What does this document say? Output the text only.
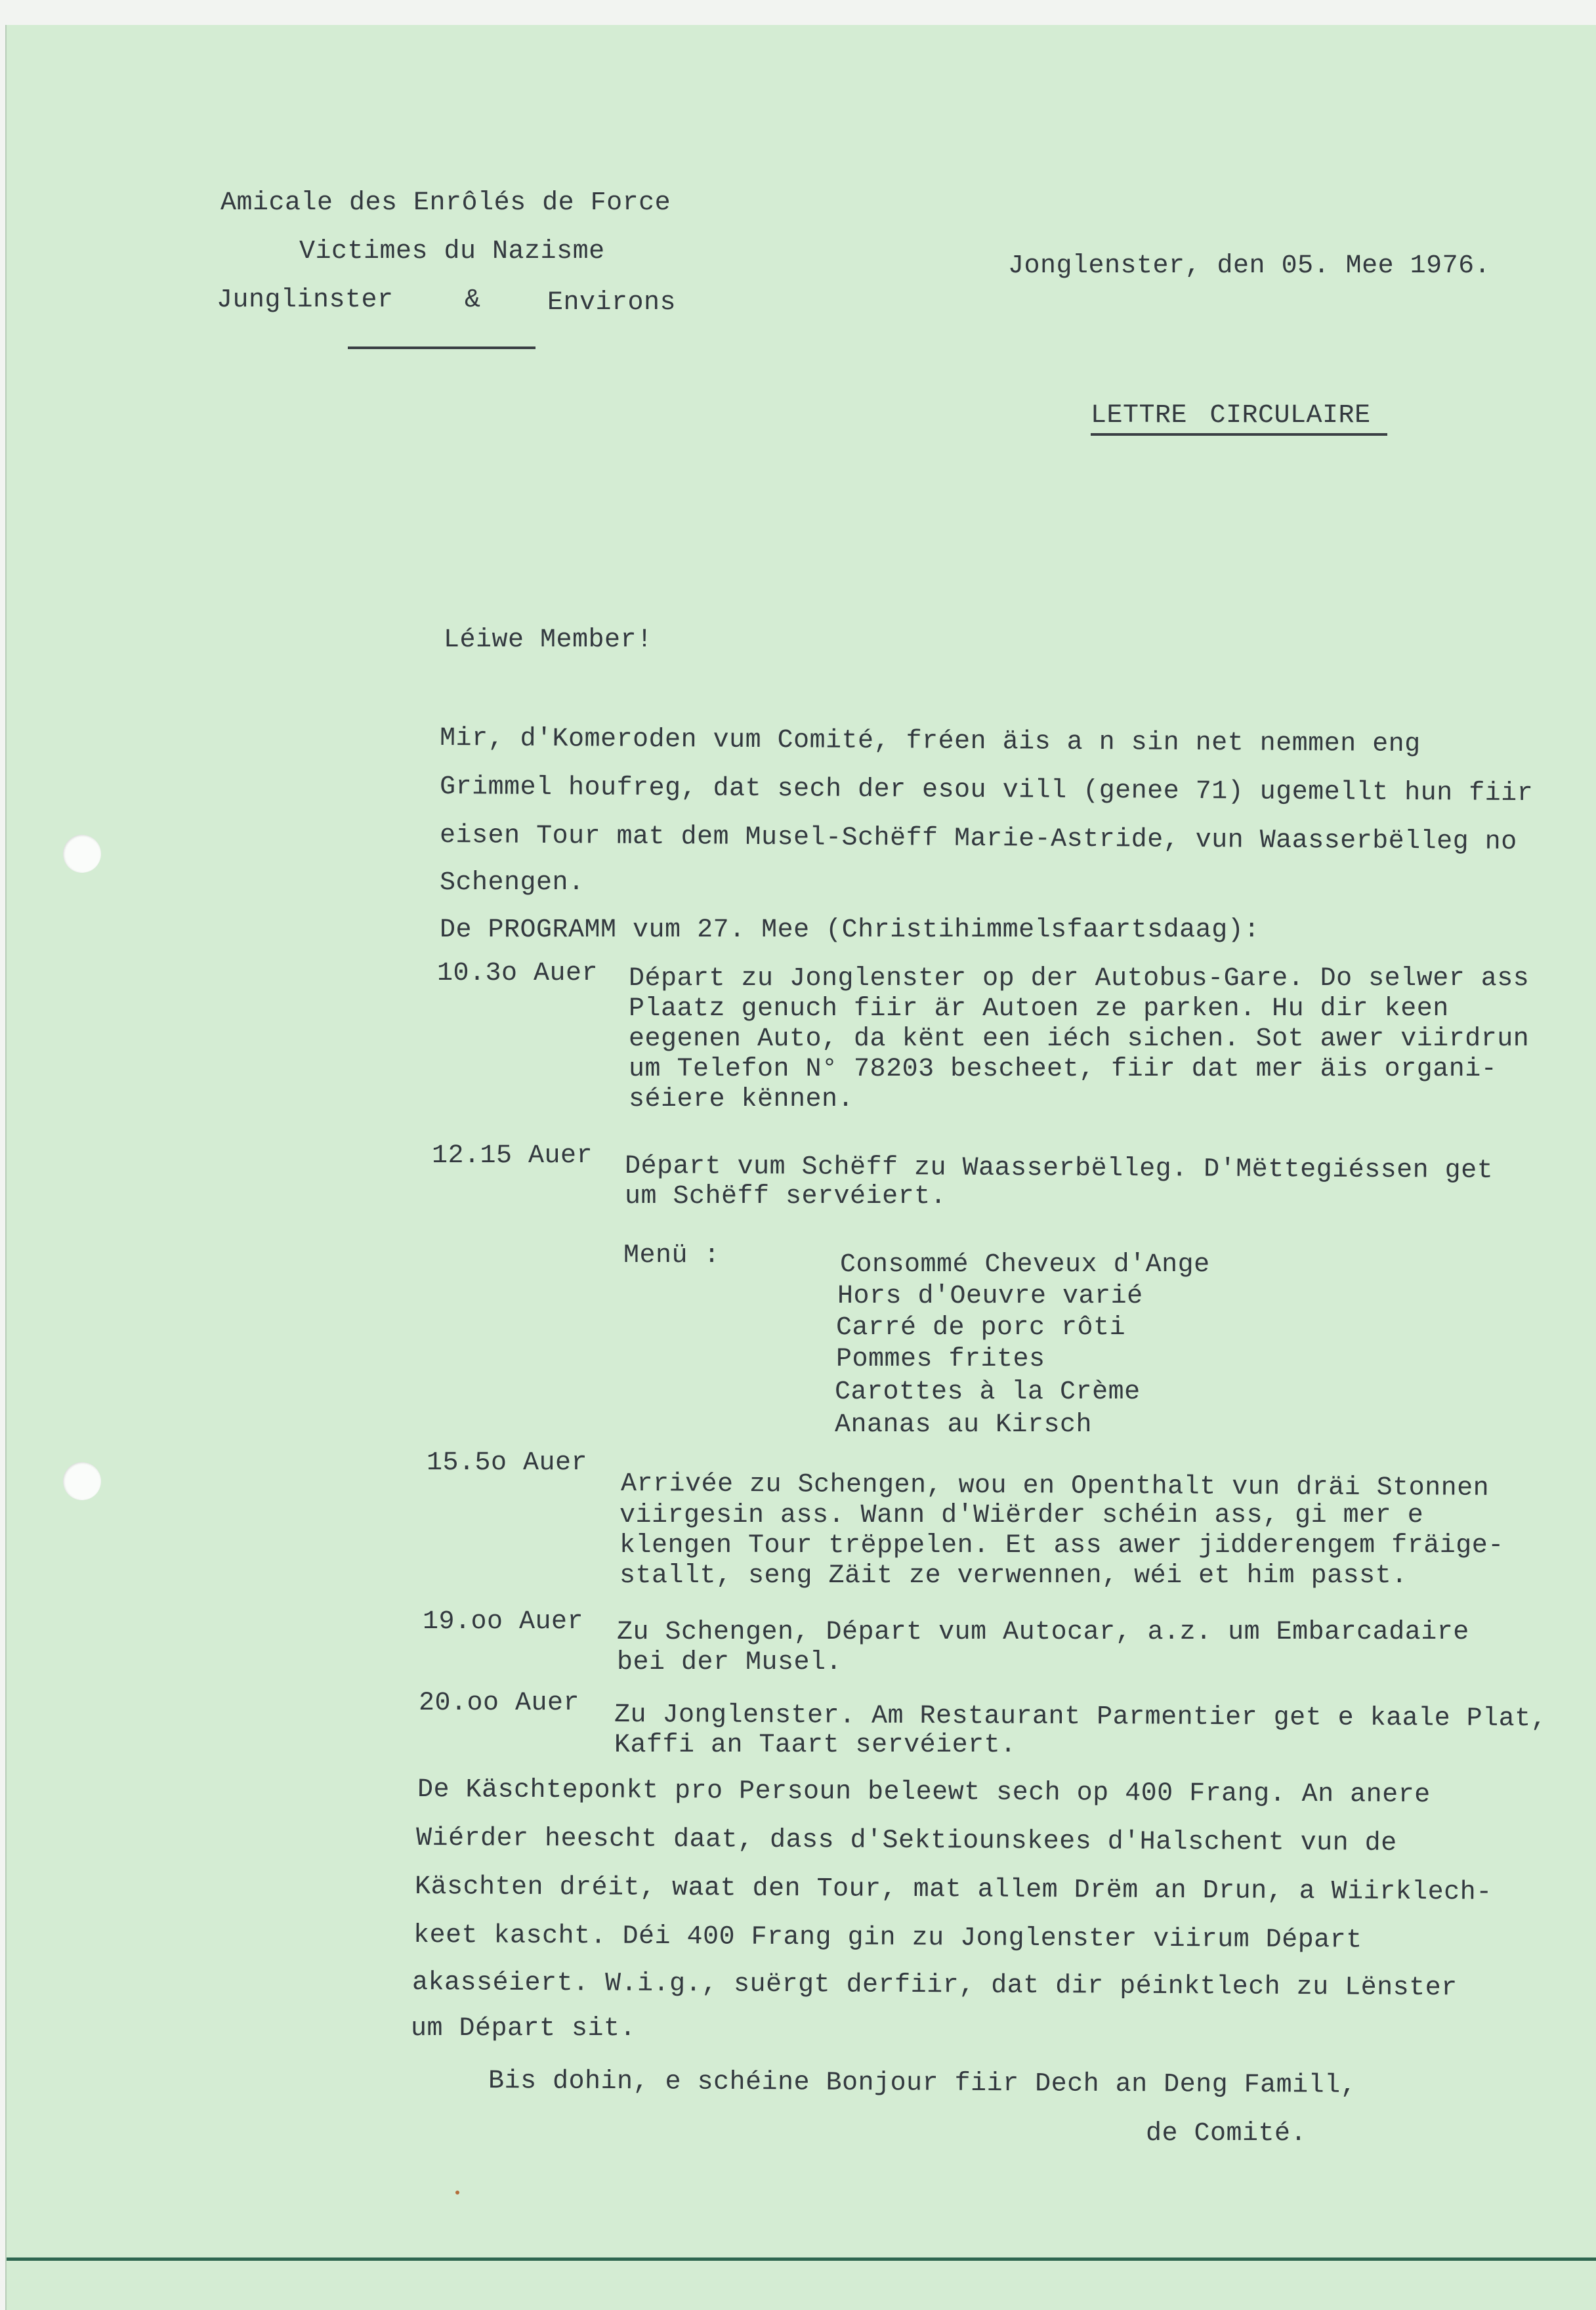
Amicale des Enrôlés de Force
Victimes du Nazisme
Junglinster	&	Environs
Jonglenster, den 05. Mee 1976.
LETTRE CIRCULAIRE
Léiwe Member!
Mir, d'Komeroden vum Comité, fréen äis a n sin net nemmen eng
Grimmel houfreg, dat sech der esou vill (genee 71) ugemellt hun fiir
eisen Tour mat dem Musel-Schëff Marie-Astride, vun Waasserbëlleg no
Schengen.
De PROGRAMM vum 27. Mee (Christihimmelsfaartsdaag):
10.3o Auer Départ zu Jonglenster op der Autobus-Gare. Do selwer ass
Plaatz genuch fiir är Autoen ze parken. Hu dir keen
eegenen Auto, da kënt een iéch sichen. Sot awer viirdrun
um Telefon N° 78203 bescheet, fiir dat mer äis organi-
séiere kënnen.
12.15 Auer Départ vum Schëff zu Waasserbëlleg. D'Mëttegiéssen get
um Schëff servéiert.
Menü :	Consommé Cheveux d'Ange
Hors d'Oeuvre varié
Carré de porc rôti
Pommes frites
Carottes à la Crème
Ananas au Kirsch
15.5o Auer
Arrivée zu Schengen, wou en Openthalt vun dräi Stonnen
viirgesin ass. Wann d'Wiërder schéin ass, gi mer e
klengen Tour trëppelen. Et ass awer jidderengem fräige-
stallt, seng Zäit ze verwennen, wéi et him passt.
19.oo Auer Zu Schengen, Départ vum Autocar, a.z. um Embarcadaire
bei der Musel.
20.oo Auer Zu Jonglenster. Am Restaurant Parmentier get e kaale Plat,
Kaffi an Taart servéiert.
De Käschteponkt pro Persoun beleewt sech op 400 Frang. An anere
Wiérder heescht daat, dass d'Sektiounskees d'Halschent vun de
Käschten dréit, waat den Tour, mat allem Drëm an Drun, a Wiirklech-
keet kascht. Déi 400 Frang gin zu Jonglenster viirum Départ
akasséiert. W.i.g., suërgt derfiir, dat dir péinktlech zu Lënster
um Départ sit.
Bis dohin, e schéine Bonjour fiir Dech an Deng Famill,
de Comité.
